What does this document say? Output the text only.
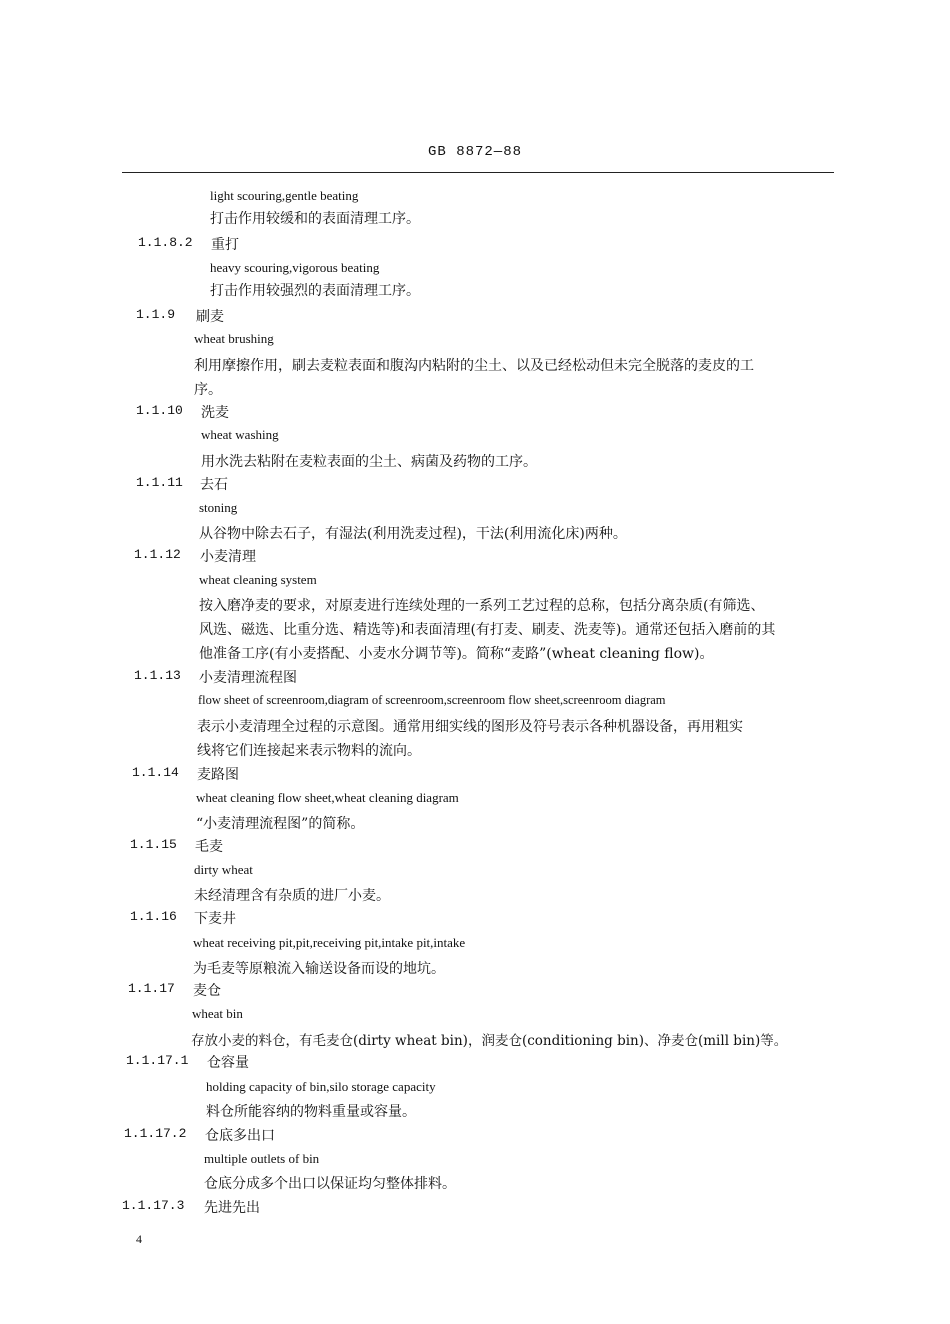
GB 8872—88
light scouring,gentle beating
打击作用较缓和的表面清理工序。
1.1.8.2 重打
heavy scouring,vigorous beating
打击作用较强烈的表面清理工序。
1.1.9 刷麦
wheat brushing
利用摩擦作用，刷去麦粒表面和腹沟内粘附的尘土、以及已经松动但未完全脱落的麦皮的工
序。
1.1.10 洗麦
wheat washing
用水洗去粘附在麦粒表面的尘土、病菌及药物的工序。
1.1.11 去石
stoning
从谷物中除去石子，有湿法(利用洗麦过程)，干法(利用流化床)两种。
1.1.12 小麦清理
wheat cleaning system
按入磨净麦的要求，对原麦进行连续处理的一系列工艺过程的总称，包括分离杂质(有筛选、
风选、磁选、比重分选、精选等)和表面清理(有打麦、刷麦、洗麦等)。通常还包括入磨前的其
他准备工序(有小麦搭配、小麦水分调节等)。简称“麦路”(wheat cleaning flow)。
1.1.13 小麦清理流程图
flow sheet of screenroom,diagram of screenroom,screenroom flow sheet,screenroom diagram
表示小麦清理全过程的示意图。通常用细实线的图形及符号表示各种机器设备，再用粗实
线将它们连接起来表示物料的流向。
1.1.14 麦路图
wheat cleaning flow sheet,wheat cleaning diagram
“小麦清理流程图”的简称。
1.1.15 毛麦
dirty wheat
未经清理含有杂质的进厂小麦。
1.1.16 下麦井
wheat receiving pit,pit,receiving pit,intake pit,intake
为毛麦等原粮流入输送设备而设的地坑。
1.1.17 麦仓
wheat bin
存放小麦的料仓，有毛麦仓(dirty wheat bin)，润麦仓(conditioning bin)、净麦仓(mill bin)等。
1.1.17.1 仓容量
holding capacity of bin,silo storage capacity
料仓所能容纳的物料重量或容量。
1.1.17.2 仓底多出口
multiple outlets of bin
仓底分成多个出口以保证均匀整体排料。
1.1.17.3 先进先出
4
